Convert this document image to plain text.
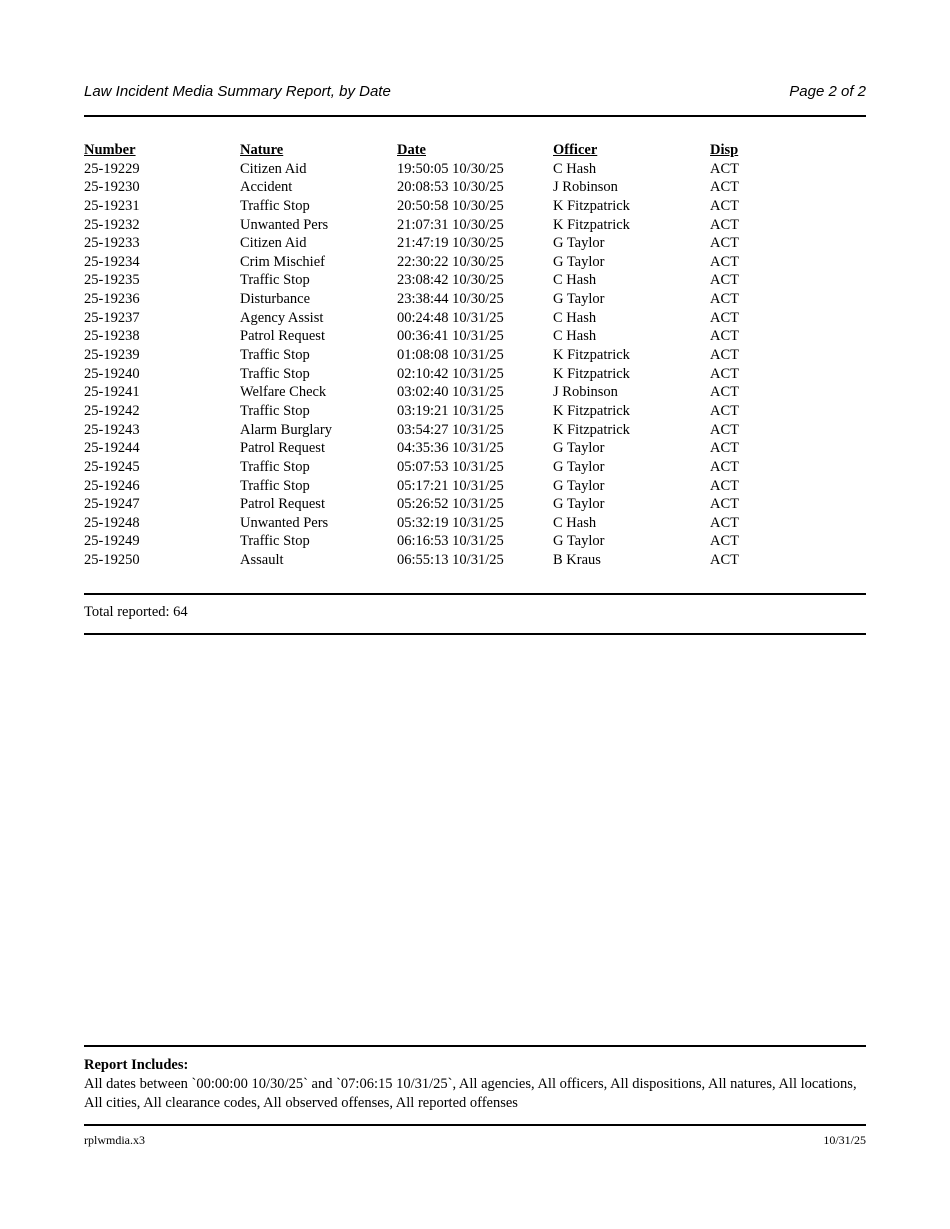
Law Incident Media Summary Report, by Date	Page 2 of 2
Number	Nature	Date	Officer	Disp
25-19229	Citizen Aid	19:50:05 10/30/25	C Hash	ACT
25-19230	Accident	20:08:53 10/30/25	J Robinson	ACT
25-19231	Traffic Stop	20:50:58 10/30/25	K Fitzpatrick	ACT
25-19232	Unwanted Pers	21:07:31 10/30/25	K Fitzpatrick	ACT
25-19233	Citizen Aid	21:47:19 10/30/25	G Taylor	ACT
25-19234	Crim Mischief	22:30:22 10/30/25	G Taylor	ACT
25-19235	Traffic Stop	23:08:42 10/30/25	C Hash	ACT
25-19236	Disturbance	23:38:44 10/30/25	G Taylor	ACT
25-19237	Agency Assist	00:24:48 10/31/25	C Hash	ACT
25-19238	Patrol Request	00:36:41 10/31/25	C Hash	ACT
25-19239	Traffic Stop	01:08:08 10/31/25	K Fitzpatrick	ACT
25-19240	Traffic Stop	02:10:42 10/31/25	K Fitzpatrick	ACT
25-19241	Welfare Check	03:02:40 10/31/25	J Robinson	ACT
25-19242	Traffic Stop	03:19:21 10/31/25	K Fitzpatrick	ACT
25-19243	Alarm Burglary	03:54:27 10/31/25	K Fitzpatrick	ACT
25-19244	Patrol Request	04:35:36 10/31/25	G Taylor	ACT
25-19245	Traffic Stop	05:07:53 10/31/25	G Taylor	ACT
25-19246	Traffic Stop	05:17:21 10/31/25	G Taylor	ACT
25-19247	Patrol Request	05:26:52 10/31/25	G Taylor	ACT
25-19248	Unwanted Pers	05:32:19 10/31/25	C Hash	ACT
25-19249	Traffic Stop	06:16:53 10/31/25	G Taylor	ACT
25-19250	Assault	06:55:13 10/31/25	B Kraus	ACT
Total reported: 64
Report Includes:
All dates between `00:00:00 10/30/25` and `07:06:15 10/31/25`, All agencies, All officers, All dispositions, All natures, All locations, All cities, All clearance codes, All observed offenses, All reported offenses
rplwmdia.x3	10/31/25
